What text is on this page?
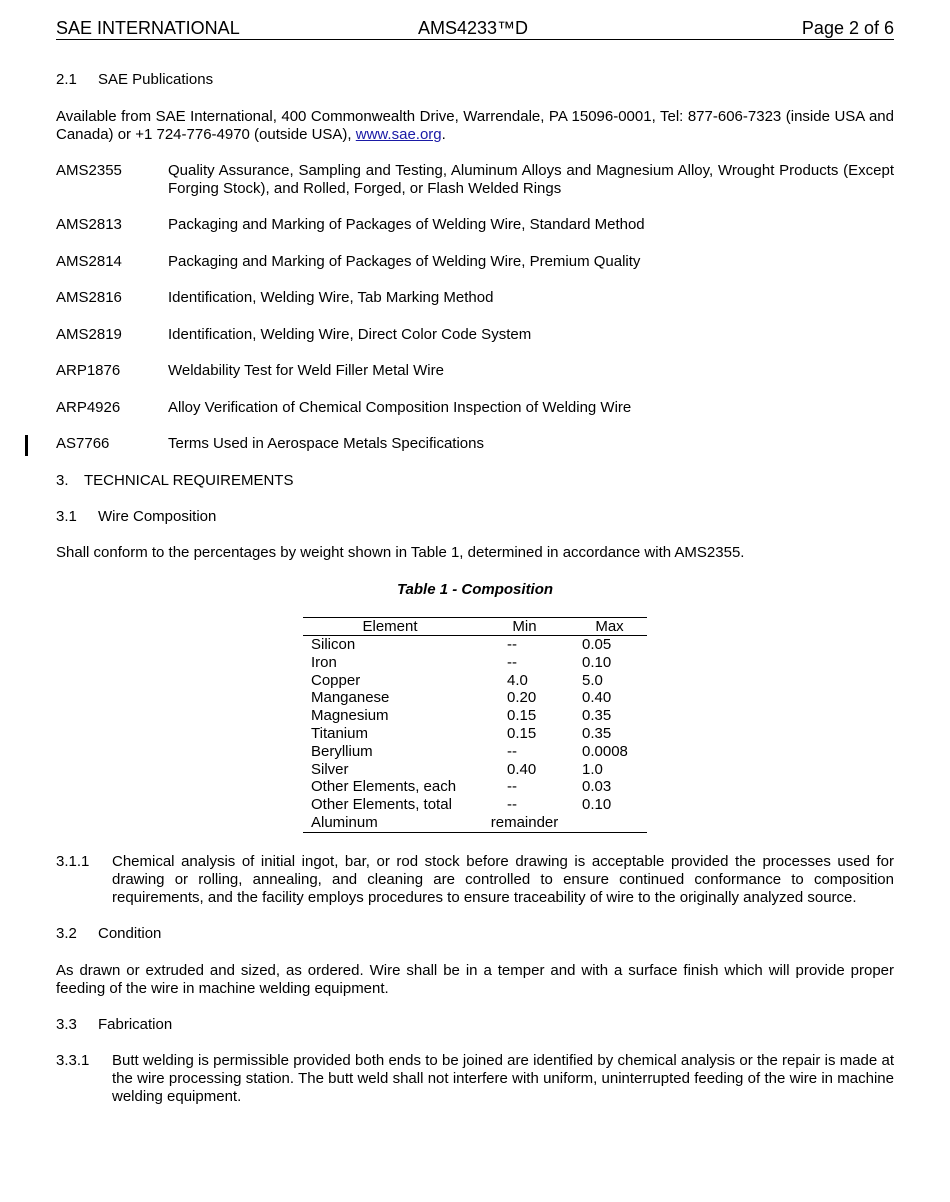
SAE INTERNATIONAL	AMS4233™D	Page 2 of 6
2.1 SAE Publications
Available from SAE International, 400 Commonwealth Drive, Warrendale, PA 15096-0001, Tel: 877-606-7323 (inside USA and Canada) or +1 724-776-4970 (outside USA), www.sae.org.
AMS2355	Quality Assurance, Sampling and Testing, Aluminum Alloys and Magnesium Alloy, Wrought Products (Except Forging Stock), and Rolled, Forged, or Flash Welded Rings
AMS2813	Packaging and Marking of Packages of Welding Wire, Standard Method
AMS2814	Packaging and Marking of Packages of Welding Wire, Premium Quality
AMS2816	Identification, Welding Wire, Tab Marking Method
AMS2819	Identification, Welding Wire, Direct Color Code System
ARP1876	Weldability Test for Weld Filler Metal Wire
ARP4926	Alloy Verification of Chemical Composition Inspection of Welding Wire
AS7766	Terms Used in Aerospace Metals Specifications
3. TECHNICAL REQUIREMENTS
3.1 Wire Composition
Shall conform to the percentages by weight shown in Table 1, determined in accordance with AMS2355.
Table 1 - Composition
Element	Min	Max
Silicon	--	0.05
Iron	--	0.10
Copper	4.0	5.0
Manganese	0.20	0.40
Magnesium	0.15	0.35
Titanium	0.15	0.35
Beryllium	--	0.0008
Silver	0.40	1.0
Other Elements, each	--	0.03
Other Elements, total	--	0.10
Aluminum	remainder	
3.1.1 Chemical analysis of initial ingot, bar, or rod stock before drawing is acceptable provided the processes used for drawing or rolling, annealing, and cleaning are controlled to ensure continued conformance to composition requirements, and the facility employs procedures to ensure traceability of wire to the originally analyzed source.
3.2 Condition
As drawn or extruded and sized, as ordered. Wire shall be in a temper and with a surface finish which will provide proper feeding of the wire in machine welding equipment.
3.3 Fabrication
3.3.1 Butt welding is permissible provided both ends to be joined are identified by chemical analysis or the repair is made at the wire processing station. The butt weld shall not interfere with uniform, uninterrupted feeding of the wire in machine welding equipment.
